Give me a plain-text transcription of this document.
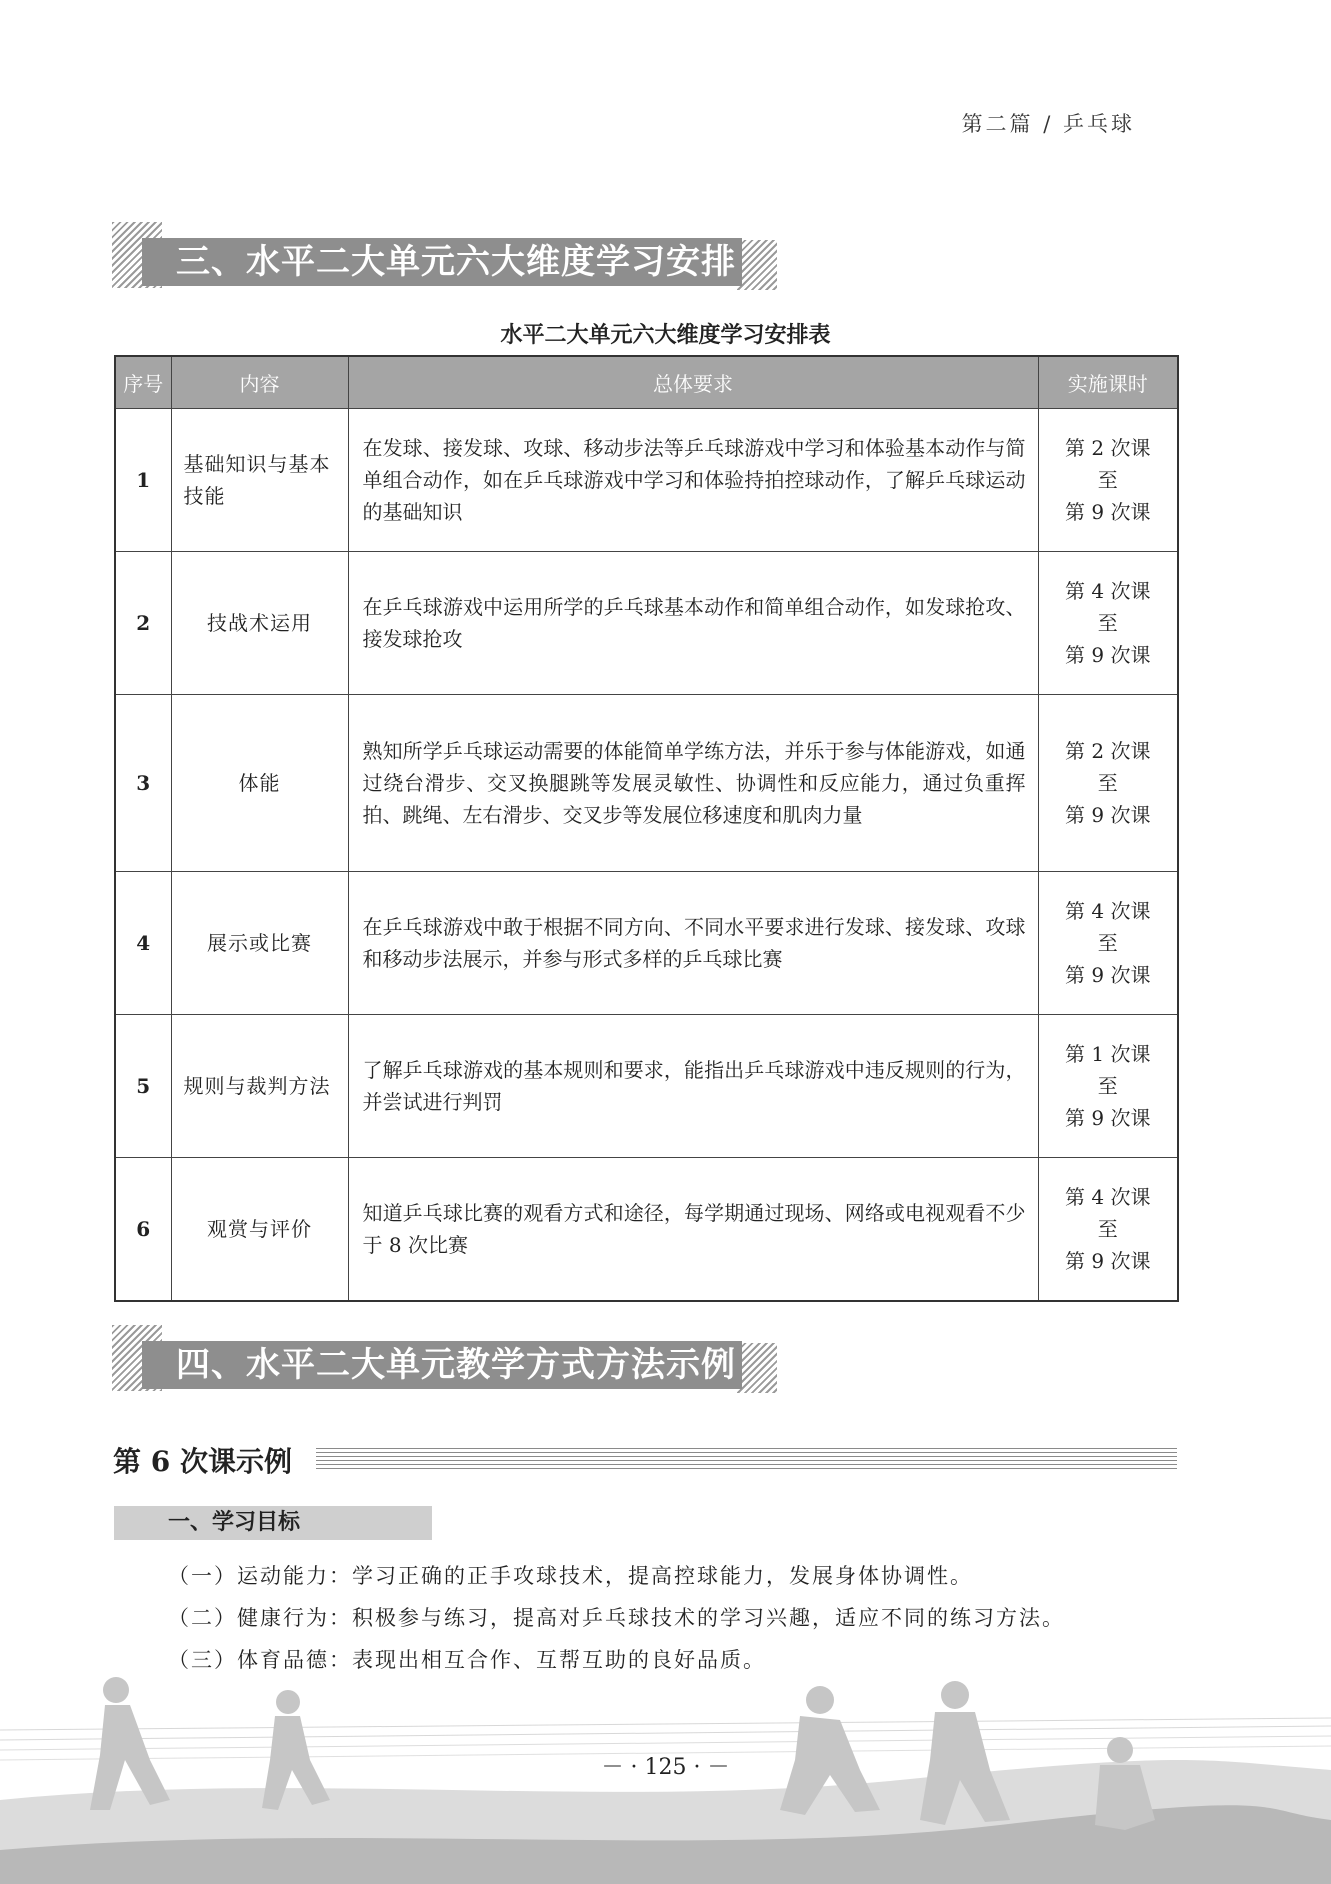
第二篇 / 乒乓球
三、水平二大单元六大维度学习安排
水平二大单元六大维度学习安排表
序号	内容	总体要求	实施课时
1	基础知识与基本技能	在发球、接发球、攻球、移动步法等乒乓球游戏中学习和体验基本动作与简单组合动作，如在乒乓球游戏中学习和体验持拍控球动作，了解乒乓球运动的基础知识	第 2 次课
至
第 9 次课
2	技战术运用	在乒乓球游戏中运用所学的乒乓球基本动作和简单组合动作，如发球抢攻、接发球抢攻	第 4 次课
至
第 9 次课
3	体能	熟知所学乒乓球运动需要的体能简单学练方法，并乐于参与体能游戏，如通过绕台滑步、交叉换腿跳等发展灵敏性、协调性和反应能力，通过负重挥拍、跳绳、左右滑步、交叉步等发展位移速度和肌肉力量	第 2 次课
至
第 9 次课
4	展示或比赛	在乒乓球游戏中敢于根据不同方向、不同水平要求进行发球、接发球、攻球和移动步法展示，并参与形式多样的乒乓球比赛	第 4 次课
至
第 9 次课
5	规则与裁判方法	了解乒乓球游戏的基本规则和要求，能指出乒乓球游戏中违反规则的行为，并尝试进行判罚	第 1 次课
至
第 9 次课
6	观赏与评价	知道乒乓球比赛的观看方式和途径，每学期通过现场、网络或电视观看不少于 8 次比赛	第 4 次课
至
第 9 次课
四、水平二大单元教学方式方法示例
第 6 次课示例
一、学习目标
（一）运动能力：学习正确的正手攻球技术，提高控球能力，发展身体协调性。
（二）健康行为：积极参与练习，提高对乒乓球技术的学习兴趣，适应不同的练习方法。
（三）体育品德：表现出相互合作、互帮互助的良好品质。
－ · 125 · －
